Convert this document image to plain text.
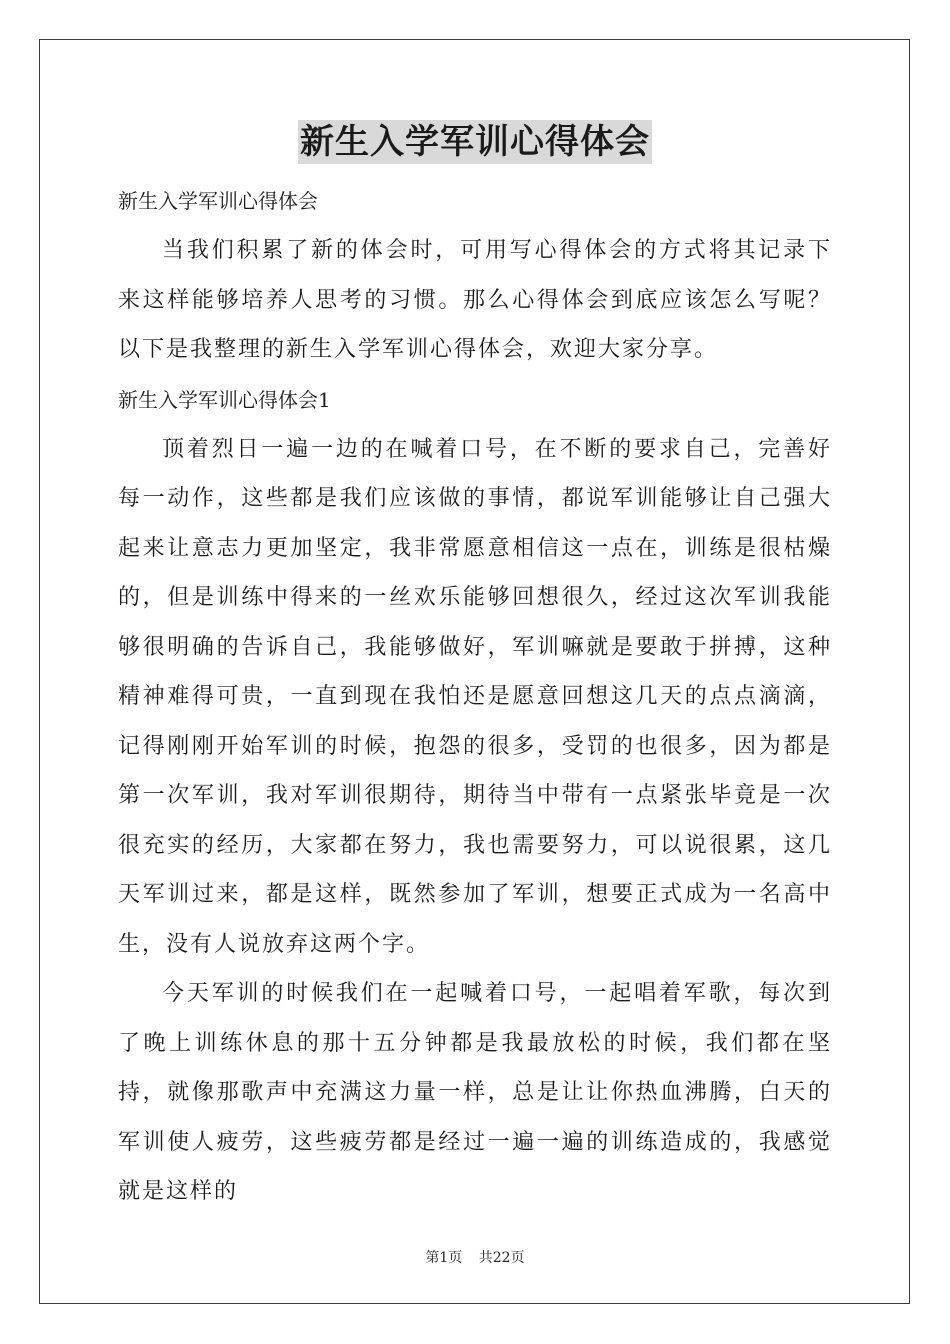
新生入学军训心得体会

新生入学军训心得体会

当我们积累了新的体会时，可用写心得体会的方式将其记录下来这样能够培养人思考的习惯。那么心得体会到底应该怎么写呢？以下是我整理的新生入学军训心得体会，欢迎大家分享。

新生入学军训心得体会1

顶着烈日一遍一边的在喊着口号，在不断的要求自己，完善好每一动作，这些都是我们应该做的事情，都说军训能够让自己强大起来让意志力更加坚定，我非常愿意相信这一点在，训练是很枯燥的，但是训练中得来的一丝欢乐能够回想很久，经过这次军训我能够很明确的告诉自己，我能够做好，军训嘛就是要敢于拼搏，这种精神难得可贵，一直到现在我怕还是愿意回想这几天的点点滴滴，记得刚刚开始军训的时候，抱怨的很多，受罚的也很多，因为都是第一次军训，我对军训很期待，期待当中带有一点紧张毕竟是一次很充实的经历，大家都在努力，我也需要努力，可以说很累，这几天军训过来，都是这样，既然参加了军训，想要正式成为一名高中生，没有人说放弃这两个字。

今天军训的时候我们在一起喊着口号，一起唱着军歌，每次到了晚上训练休息的那十五分钟都是我最放松的时候，我们都在坚持，就像那歌声中充满这力量一样，总是让让你热血沸腾，白天的军训使人疲劳，这些疲劳都是经过一遍一遍的训练造成的，我感觉就是这样的

第1页 共22页
